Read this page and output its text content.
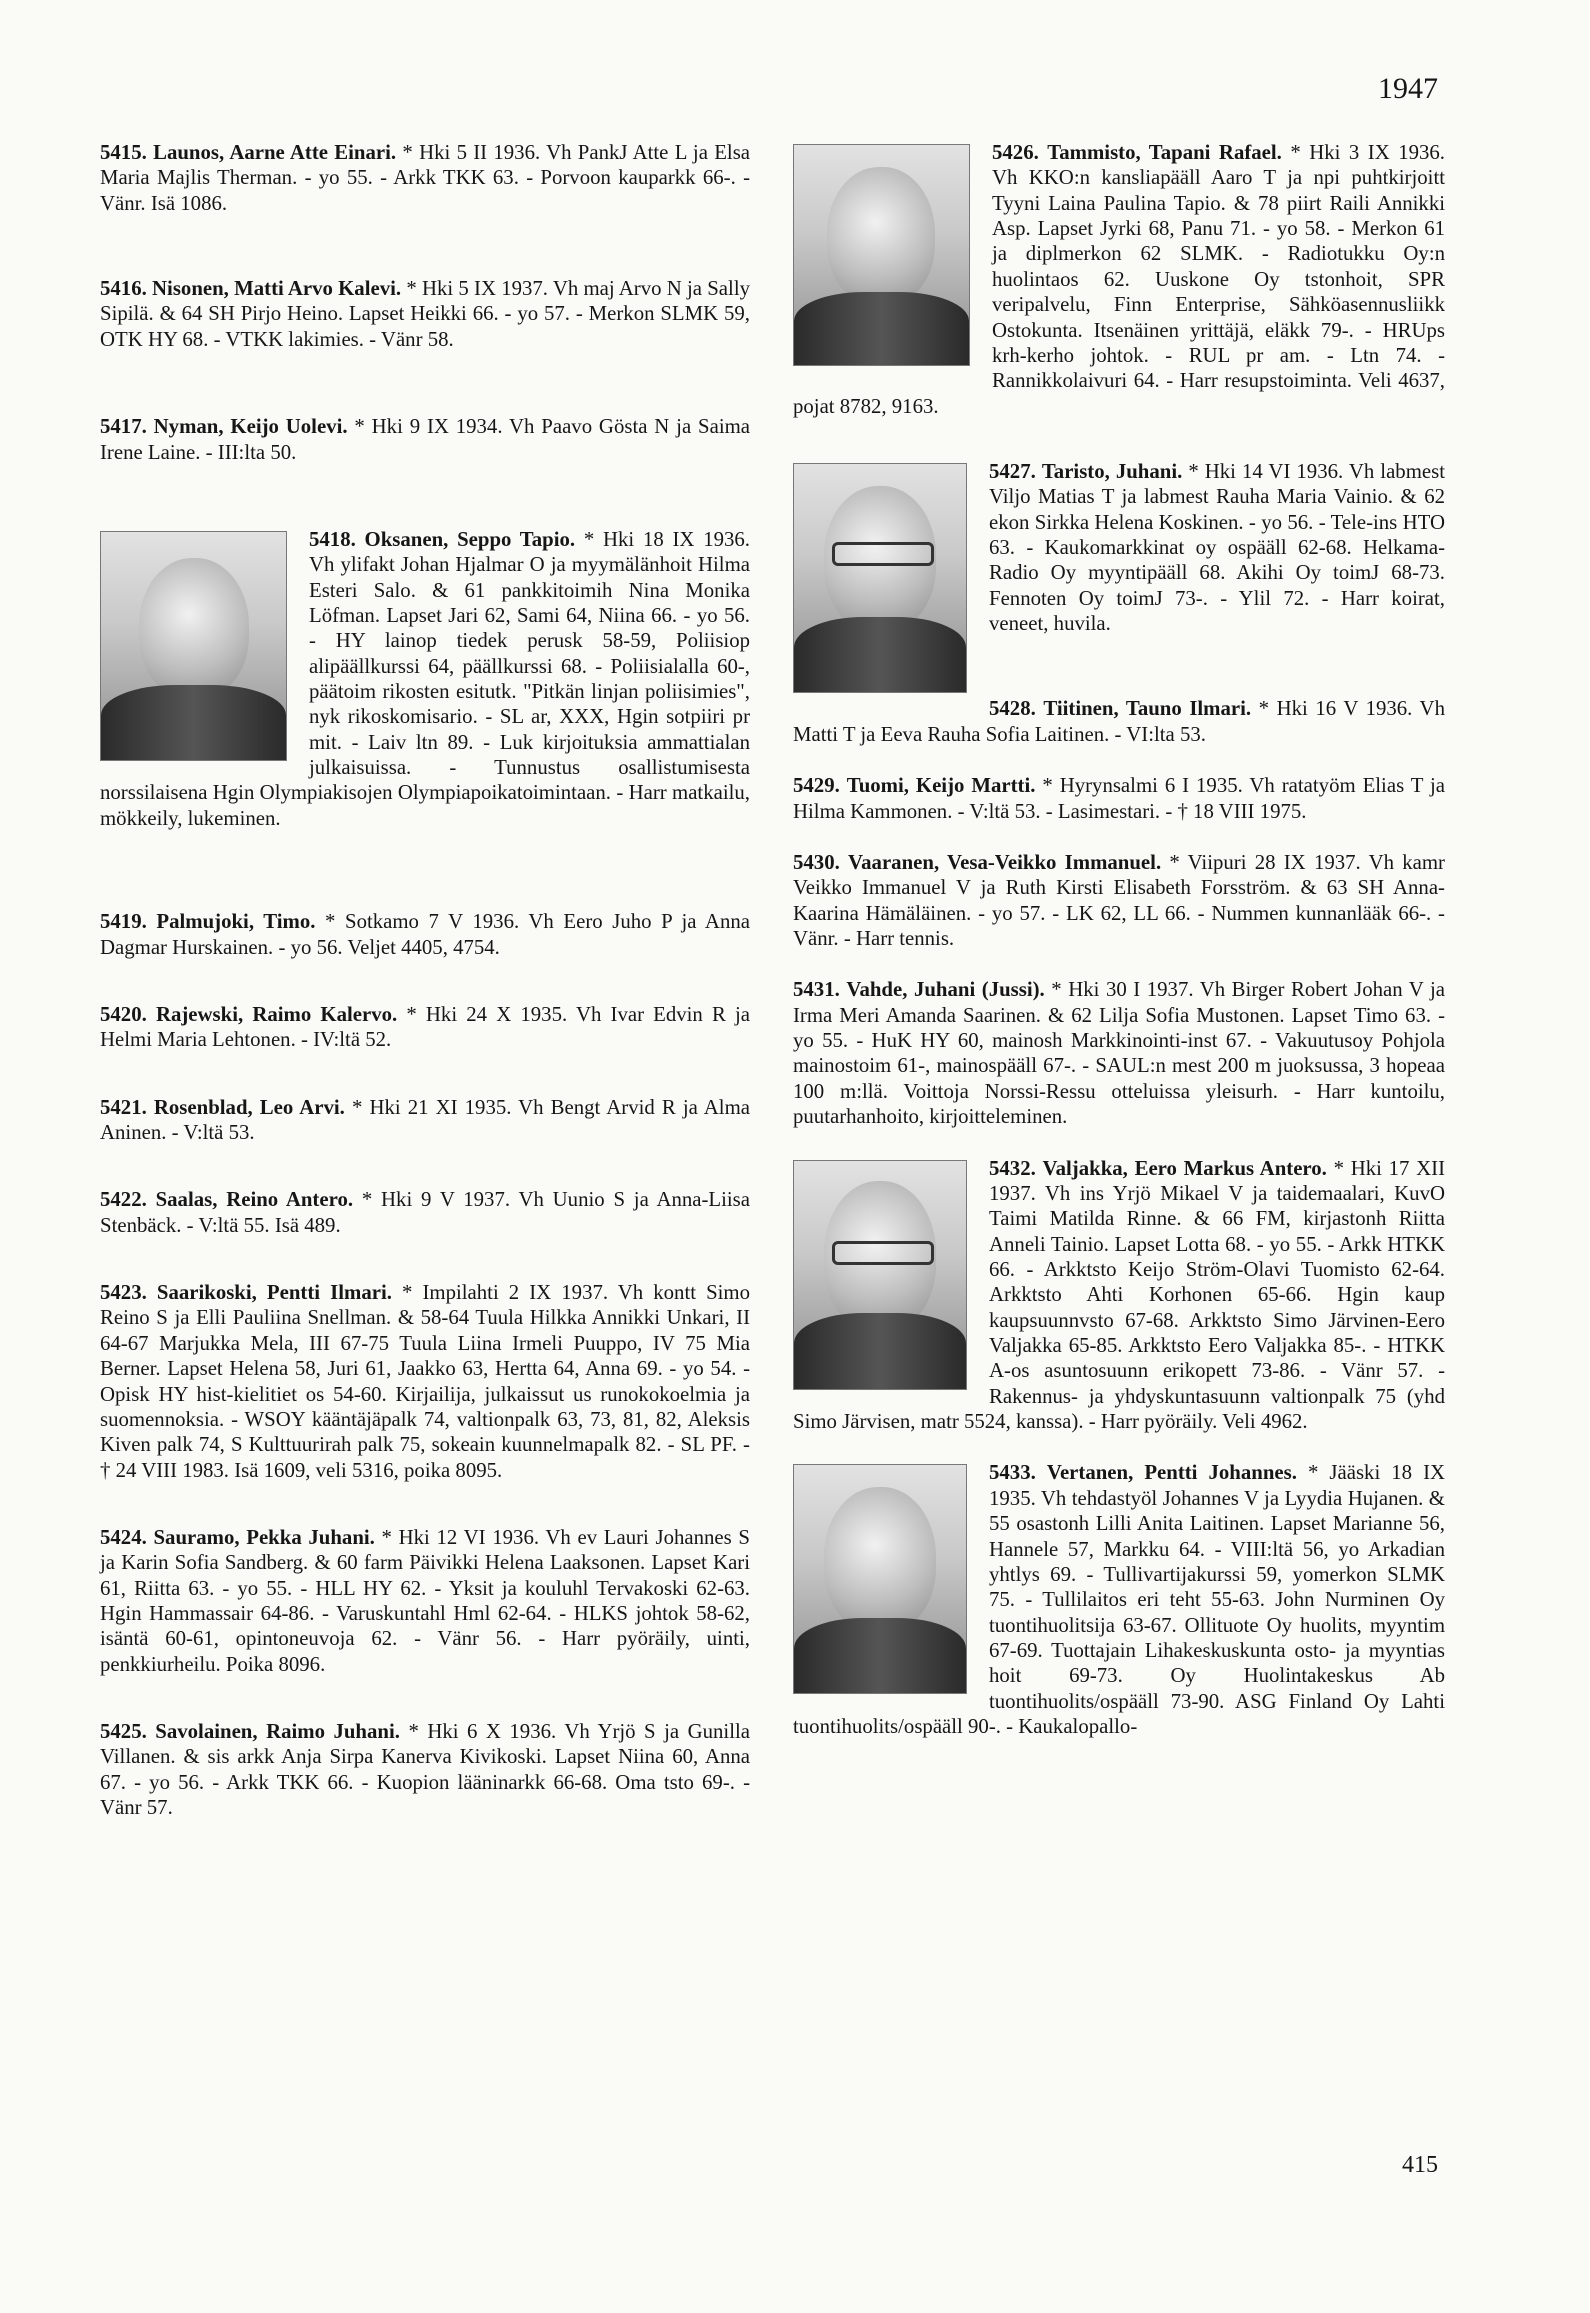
1947

5415. Launos, Aarne Atte Einari. * Hki 5 II 1936. Vh PankJ Atte L ja Elsa Maria Majlis Therman. - yo 55. - Arkk TKK 63. - Porvoon kauparkk 66-. - Vänr. Isä 1086.

5416. Nisonen, Matti Arvo Kalevi. * Hki 5 IX 1937. Vh maj Arvo N ja Sally Sipilä. & 64 SH Pirjo Heino. Lapset Heikki 66. - yo 57. - Merkon SLMK 59, OTK HY 68. - VTKK lakimies. - Vänr 58.

5417. Nyman, Keijo Uolevi. * Hki 9 IX 1934. Vh Paavo Gösta N ja Saima Irene Laine. - III:lta 50.

5418. Oksanen, Seppo Tapio.
* Hki 18 IX 1936. Vh ylifakt Johan Hjalmar O ja myymälänhoit Hilma Esteri Salo. & 61 pankkitoimih Nina Monika Löfman. Lapset Jari 62, Sami 64, Niina 66. - yo 56. - HY lainop tiedek perusk 58-59, Poliisiop alipäällkurssi 64, päällkurssi 68. - Poliisialalla 60-, päätoim rikosten esitutk. "Pitkän linjan poliisimies", nyk rikoskomisario. - SL ar, XXX, Hgin sotpiiri pr mit. - Laiv ltn 89. - Luk kirjoituksia ammattialan julkaisuissa. - Tunnustus osallistumisesta norssilaisena Hgin Olympiakisojen Olympiapoikatoimintaan. - Harr matkailu, mökkeily, lukeminen.

5419. Palmujoki, Timo. * Sotkamo 7 V 1936. Vh Eero Juho P ja Anna Dagmar Hurskainen. - yo 56. Veljet 4405, 4754.

5420. Rajewski, Raimo Kalervo. * Hki 24 X 1935. Vh Ivar Edvin R ja Helmi Maria Lehtonen. - IV:ltä 52.

5421. Rosenblad, Leo Arvi. * Hki 21 XI 1935. Vh Bengt Arvid R ja Alma Aninen. - V:ltä 53.

5422. Saalas, Reino Antero. * Hki 9 V 1937. Vh Uunio S ja Anna-Liisa Stenbäck. - V:ltä 55. Isä 489.

5423. Saarikoski, Pentti Ilmari. * Impilahti 2 IX 1937. Vh kontt Simo Reino S ja Elli Pauliina Snellman. & 58-64 Tuula Hilkka Annikki Unkari, II 64-67 Marjukka Mela, III 67-75 Tuula Liina Irmeli Puuppo, IV 75 Mia Berner. Lapset Helena 58, Juri 61, Jaakko 63, Hertta 64, Anna 69. - yo 54. - Opisk HY hist-kielitiet os 54-60. Kirjailija, julkaissut us runokokoelmia ja suomennoksia. - WSOY kääntäjäpalk 74, valtionpalk 63, 73, 81, 82, Aleksis Kiven palk 74, S Kulttuurirah palk 75, sokeain kuunnelmapalk 82. - SL PF. - † 24 VIII 1983. Isä 1609, veli 5316, poika 8095.

5424. Sauramo, Pekka Juhani. * Hki 12 VI 1936. Vh ev Lauri Johannes S ja Karin Sofia Sandberg. & 60 farm Päivikki Helena Laaksonen. Lapset Kari 61, Riitta 63. - yo 55. - HLL HY 62. - Yksit ja kouluhl Tervakoski 62-63. Hgin Hammassair 64-86. - Varuskuntahl Hml 62-64. - HLKS johtok 58-62, isäntä 60-61, opintoneuvoja 62. - Vänr 56. - Harr pyöräily, uinti, penkkiurheilu. Poika 8096.

5425. Savolainen, Raimo Juhani. * Hki 6 X 1936. Vh Yrjö S ja Gunilla Villanen. & sis arkk Anja Sirpa Kanerva Kivikoski. Lapset Niina 60, Anna 67. - yo 56. - Arkk TKK 66. - Kuopion lääninarkk 66-68. Oma tsto 69-. - Vänr 57.

5426. Tammisto, Tapani Rafael. * Hki 3 IX 1936. Vh KKO:n kansliapääll Aaro T ja npi puhtkirjoitt Tyyni Laina Paulina Tapio. & 78 piirt Raili Annikki Asp. Lapset Jyrki 68, Panu 71. - yo 58. - Merkon 61 ja diplmerkon 62 SLMK. - Radiotukku Oy:n huolintaos 62. Uuskone Oy tstonhoit, SPR veripalvelu, Finn Enterprise, Sähköasennusliikk Ostokunta. Itsenäinen yrittäjä, eläkk 79-. - HRUps krh-kerho johtok. - RUL pr am. - Ltn 74. - Rannikkolaivuri 64. - Harr resupstoiminta. Veli 4637, pojat 8782, 9163.

5427. Taristo, Juhani.
* Hki 14 VI 1936. Vh labmest Viljo Matias T ja labmest Rauha Maria Vainio. & 62 ekon Sirkka Helena Koskinen. - yo 56. - Tele-ins HTO 63. - Kaukomarkkinat oy ospääll 62-68. Helkama-Radio Oy myyntipääll 68. Akihi Oy toimJ 68-73. Fennoten Oy toimJ 73-. - Ylil 72. - Harr koirat, veneet, huvila.

5428. Tiitinen, Tauno Ilmari. * Hki 16 V 1936. Vh Matti T ja Eeva Rauha Sofia Laitinen. - VI:lta 53.

5429. Tuomi, Keijo Martti. * Hyrynsalmi 6 I 1935. Vh ratatyöm Elias T ja Hilma Kammonen. - V:ltä 53. - Lasimestari. - † 18 VIII 1975.

5430. Vaaranen, Vesa-Veikko Immanuel. * Viipuri 28 IX 1937. Vh kamr Veikko Immanuel V ja Ruth Kirsti Elisabeth Forsström. & 63 SH Anna-Kaarina Hämäläinen. - yo 57. - LK 62, LL 66. - Nummen kunnanlääk 66-. - Vänr. - Harr tennis.

5431. Vahde, Juhani (Jussi). * Hki 30 I 1937. Vh Birger Robert Johan V ja Irma Meri Amanda Saarinen. & 62 Lilja Sofia Mustonen. Lapset Timo 63. - yo 55. - HuK HY 60, mainosh Markkinointi-inst 67. - Vakuutusoy Pohjola mainostoim 61-, mainospääll 67-. - SAUL:n mest 200 m juoksussa, 3 hopeaa 100 m:llä. Voittoja Norssi-Ressu otteluissa yleisurh. - Harr kuntoilu, puutarhanhoito, kirjoitteleminen.

5432. Valjakka, Eero Markus Antero.
* Hki 17 XII 1937. Vh ins Yrjö Mikael V ja taidemaalari, KuvO Taimi Matilda Rinne. & 66 FM, kirjastonh Riitta Anneli Tainio. Lapset Lotta 68. - yo 55. - Arkk HTKK 66. - Arkktsto Keijo Ström-Olavi Tuomisto 62-64. Arkktsto Ahti Korhonen 65-66. Hgin kaup kaupsuunnvsto 67-68. Arkktsto Simo Järvinen-Eero Valjakka 65-85. Arkktsto Eero Valjakka 85-. - HTKK A-os asuntosuunn erikopett 73-86. - Vänr 57. - Rakennus- ja yhdyskuntasuunn valtionpalk 75 (yhd Simo Järvisen, matr 5524, kanssa). - Harr pyöräily. Veli 4962.

5433. Vertanen, Pentti Johannes.
* Jääski 18 IX 1935. Vh tehdastyöl Johannes V ja Lyydia Hujanen. & 55 osastonh Lilli Anita Laitinen. Lapset Marianne 56, Hannele 57, Markku 64. - VIII:ltä 56, yo Arkadian yhtlys 69. - Tullivartijakurssi 59, yomerkon SLMK 75. - Tullilaitos eri teht 55-63. John Nurminen Oy tuontihuolitsija 63-67. Ollituote Oy huolits, myyntim 67-69. Tuottajain Lihakeskuskunta osto- ja myyntias hoit 69-73. Oy Huolintakeskus Ab tuontihuolits/ospääll 73-90. ASG Finland Oy Lahti tuontihuolits/ospääll 90-. - Kaukalopallo-

415
